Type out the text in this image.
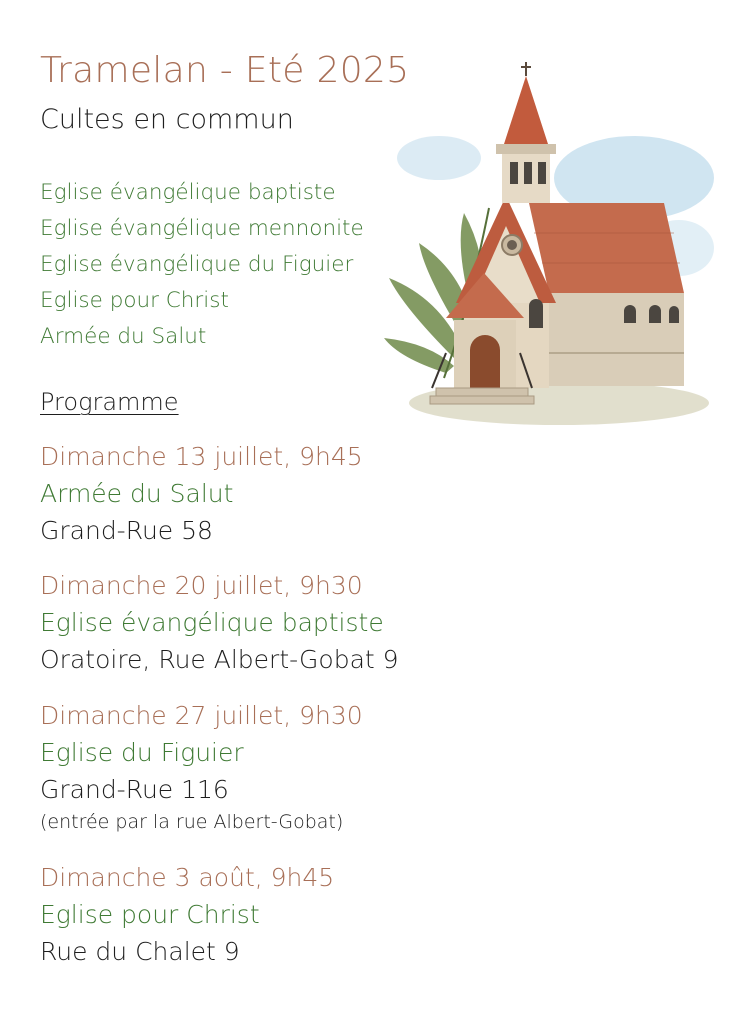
Tramelan - Eté 2025
Cultes en commun
Eglise évangélique baptiste
Eglise évangélique mennonite
Eglise évangélique du Figuier
Eglise pour Christ
Armée du Salut
Programme
Dimanche 13 juillet, 9h45
Armée du Salut
Grand-Rue 58
Dimanche 20 juillet, 9h30
Eglise évangélique baptiste
Oratoire, Rue Albert-Gobat 9
Dimanche 27 juillet, 9h30
Eglise du Figuier
Grand-Rue 116
(entrée par la rue Albert-Gobat)
Dimanche 3 août, 9h45
Eglise pour Christ
Rue du Chalet 9
